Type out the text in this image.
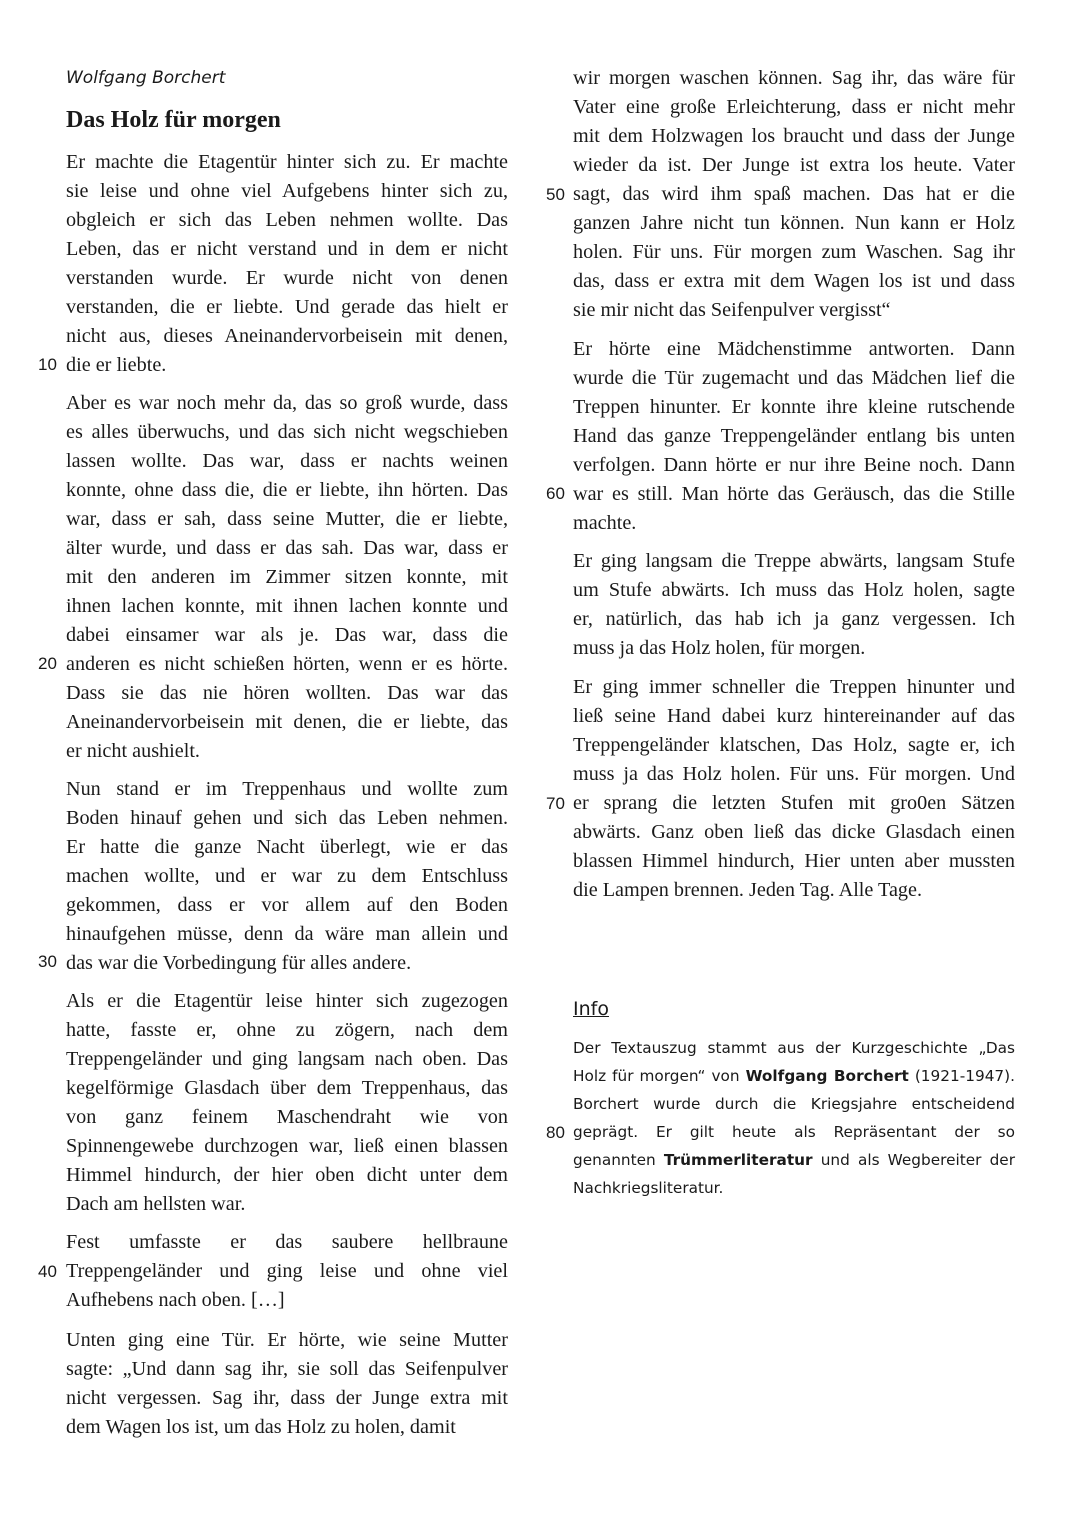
Wolfgang Borchert
Das Holz für morgen
Er machte die Etagentür hinter sich zu. Er machte
sie leise und ohne viel Aufgebens hinter sich zu,
obgleich er sich das Leben nehmen wollte. Das
Leben, das er nicht verstand und in dem er nicht
verstanden wurde. Er wurde nicht von denen
verstanden, die er liebte. Und gerade das hielt er
nicht aus, dieses Aneinandervorbeisein mit denen,
die er liebte.
Aber es war noch mehr da, das so groß wurde, dass
es alles überwuchs, und das sich nicht wegschieben
lassen wollte. Das war, dass er nachts weinen
konnte, ohne dass die, die er liebte, ihn hörten. Das
war, dass er sah, dass seine Mutter, die er liebte,
älter wurde, und dass er das sah. Das war, dass er
mit den anderen im Zimmer sitzen konnte, mit
ihnen lachen konnte, mit ihnen lachen konnte und
dabei einsamer war als je. Das war, dass die
anderen es nicht schießen hörten, wenn er es hörte.
Dass sie das nie hören wollten. Das war das
Aneinandervorbeisein mit denen, die er liebte, das
er nicht aushielt.
Nun stand er im Treppenhaus und wollte zum
Boden hinauf gehen und sich das Leben nehmen.
Er hatte die ganze Nacht überlegt, wie er das
machen wollte, und er war zu dem Entschluss
gekommen, dass er vor allem auf den Boden
hinaufgehen müsse, denn da wäre man allein und
das war die Vorbedingung für alles andere.
Als er die Etagentür leise hinter sich zugezogen
hatte, fasste er, ohne zu zögern, nach dem
Treppengeländer und ging langsam nach oben. Das
kegelförmige Glasdach über dem Treppenhaus, das
von ganz feinem Maschendraht wie von
Spinnengewebe durchzogen war, ließ einen blassen
Himmel hindurch, der hier oben dicht unter dem
Dach am hellsten war.
Fest umfasste er das saubere hellbraune
Treppengeländer und ging leise und ohne viel
Aufhebens nach oben. […]
Unten ging eine Tür. Er hörte, wie seine Mutter
sagte: „Und dann sag ihr, sie soll das Seifenpulver
nicht vergessen. Sag ihr, dass der Junge extra mit
dem Wagen los ist, um das Holz zu holen, damit
wir morgen waschen können. Sag ihr, das wäre für
Vater eine große Erleichterung, dass er nicht mehr
mit dem Holzwagen los braucht und dass der Junge
wieder da ist. Der Junge ist extra los heute. Vater
sagt, das wird ihm spaß machen. Das hat er die
ganzen Jahre nicht tun können. Nun kann er Holz
holen. Für uns. Für morgen zum Waschen. Sag ihr
das, dass er extra mit dem Wagen los ist und dass
sie mir nicht das Seifenpulver vergisst“
Er hörte eine Mädchenstimme antworten. Dann
wurde die Tür zugemacht und das Mädchen lief die
Treppen hinunter. Er konnte ihre kleine rutschende
Hand das ganze Treppengeländer entlang bis unten
verfolgen. Dann hörte er nur ihre Beine noch. Dann
war es still. Man hörte das Geräusch, das die Stille
machte.
Er ging langsam die Treppe abwärts, langsam Stufe
um Stufe abwärts. Ich muss das Holz holen, sagte
er, natürlich, das hab ich ja ganz vergessen. Ich
muss ja das Holz holen, für morgen.
Er ging immer schneller die Treppen hinunter und
ließ seine Hand dabei kurz hintereinander auf das
Treppengeländer klatschen, Das Holz, sagte er, ich
muss ja das Holz holen. Für uns. Für morgen. Und
er sprang die letzten Stufen mit gro0en Sätzen
abwärts. Ganz oben ließ das dicke Glasdach einen
blassen Himmel hindurch, Hier unten aber mussten
die Lampen brennen. Jeden Tag. Alle Tage.
Info
Der Textauszug stammt aus der Kurzgeschichte „Das
Holz für morgen“ von Wolfgang Borchert (1921-1947).
Borchert wurde durch die Kriegsjahre entscheidend
geprägt. Er gilt heute als Repräsentant der so
genannten Trümmerliteratur und als Wegbereiter der
Nachkriegsliteratur.
10
20
30
40
50
60
70
80
